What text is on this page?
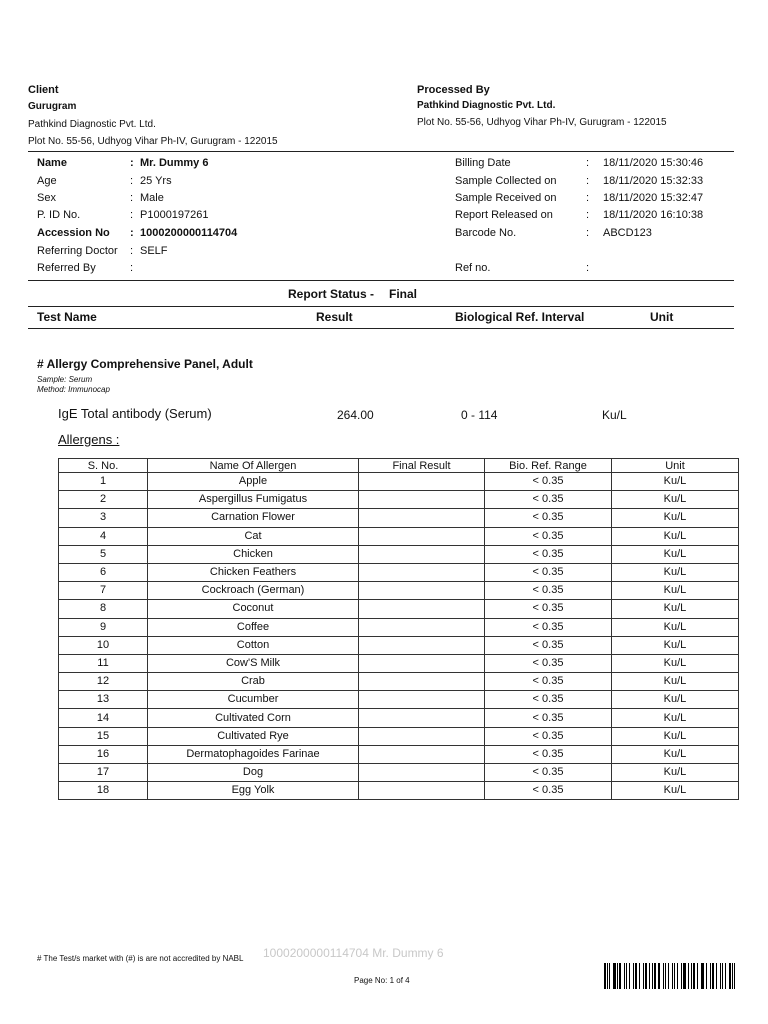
Client
Gurugram
Pathkind Diagnostic Pvt. Ltd.
Plot No. 55-56, Udhyog Vihar Ph-IV, Gurugram - 122015
Processed By
Pathkind Diagnostic Pvt. Ltd.
Plot No. 55-56, Udhyog Vihar Ph-IV, Gurugram - 122015
Name	: Mr. Dummy 6
Age	: 25 Yrs
Sex	: Male
P. ID No.	: P1000197261
Accession No : 1000200000114704
Referring Doctor : SELF
Referred By	:
Billing Date	: 18/11/2020 15:30:46
Sample Collected on	: 18/11/2020 15:32:33
Sample Received on	: 18/11/2020 15:32:47
Report Released on	: 18/11/2020 16:10:38
Barcode No.	: ABCD123
Ref no.	:
Report Status - Final
Test Name	Result	Biological Ref. Interval	Unit
# Allergy Comprehensive Panel, Adult
Sample: Serum
Method: Immunocap
IgE Total antibody (Serum)	264.00	0 - 114	Ku/L
Allergens :
S. No.	Name Of Allergen	Final Result	Bio. Ref. Range	Unit
1	Apple		< 0.35	Ku/L
2	Aspergillus Fumigatus		< 0.35	Ku/L
3	Carnation Flower		< 0.35	Ku/L
4	Cat		< 0.35	Ku/L
5	Chicken		< 0.35	Ku/L
6	Chicken Feathers		< 0.35	Ku/L
7	Cockroach (German)		< 0.35	Ku/L
8	Coconut		< 0.35	Ku/L
9	Coffee		< 0.35	Ku/L
10	Cotton		< 0.35	Ku/L
11	Cow'S Milk		< 0.35	Ku/L
12	Crab		< 0.35	Ku/L
13	Cucumber		< 0.35	Ku/L
14	Cultivated Corn		< 0.35	Ku/L
15	Cultivated Rye		< 0.35	Ku/L
16	Dermatophagoides Farinae		< 0.35	Ku/L
17	Dog		< 0.35	Ku/L
18	Egg Yolk		< 0.35	Ku/L
# The Test/s market with (#) is are not accredited by NABL 1000200000114704 Mr. Dummy 6
Page No: 1 of 4
